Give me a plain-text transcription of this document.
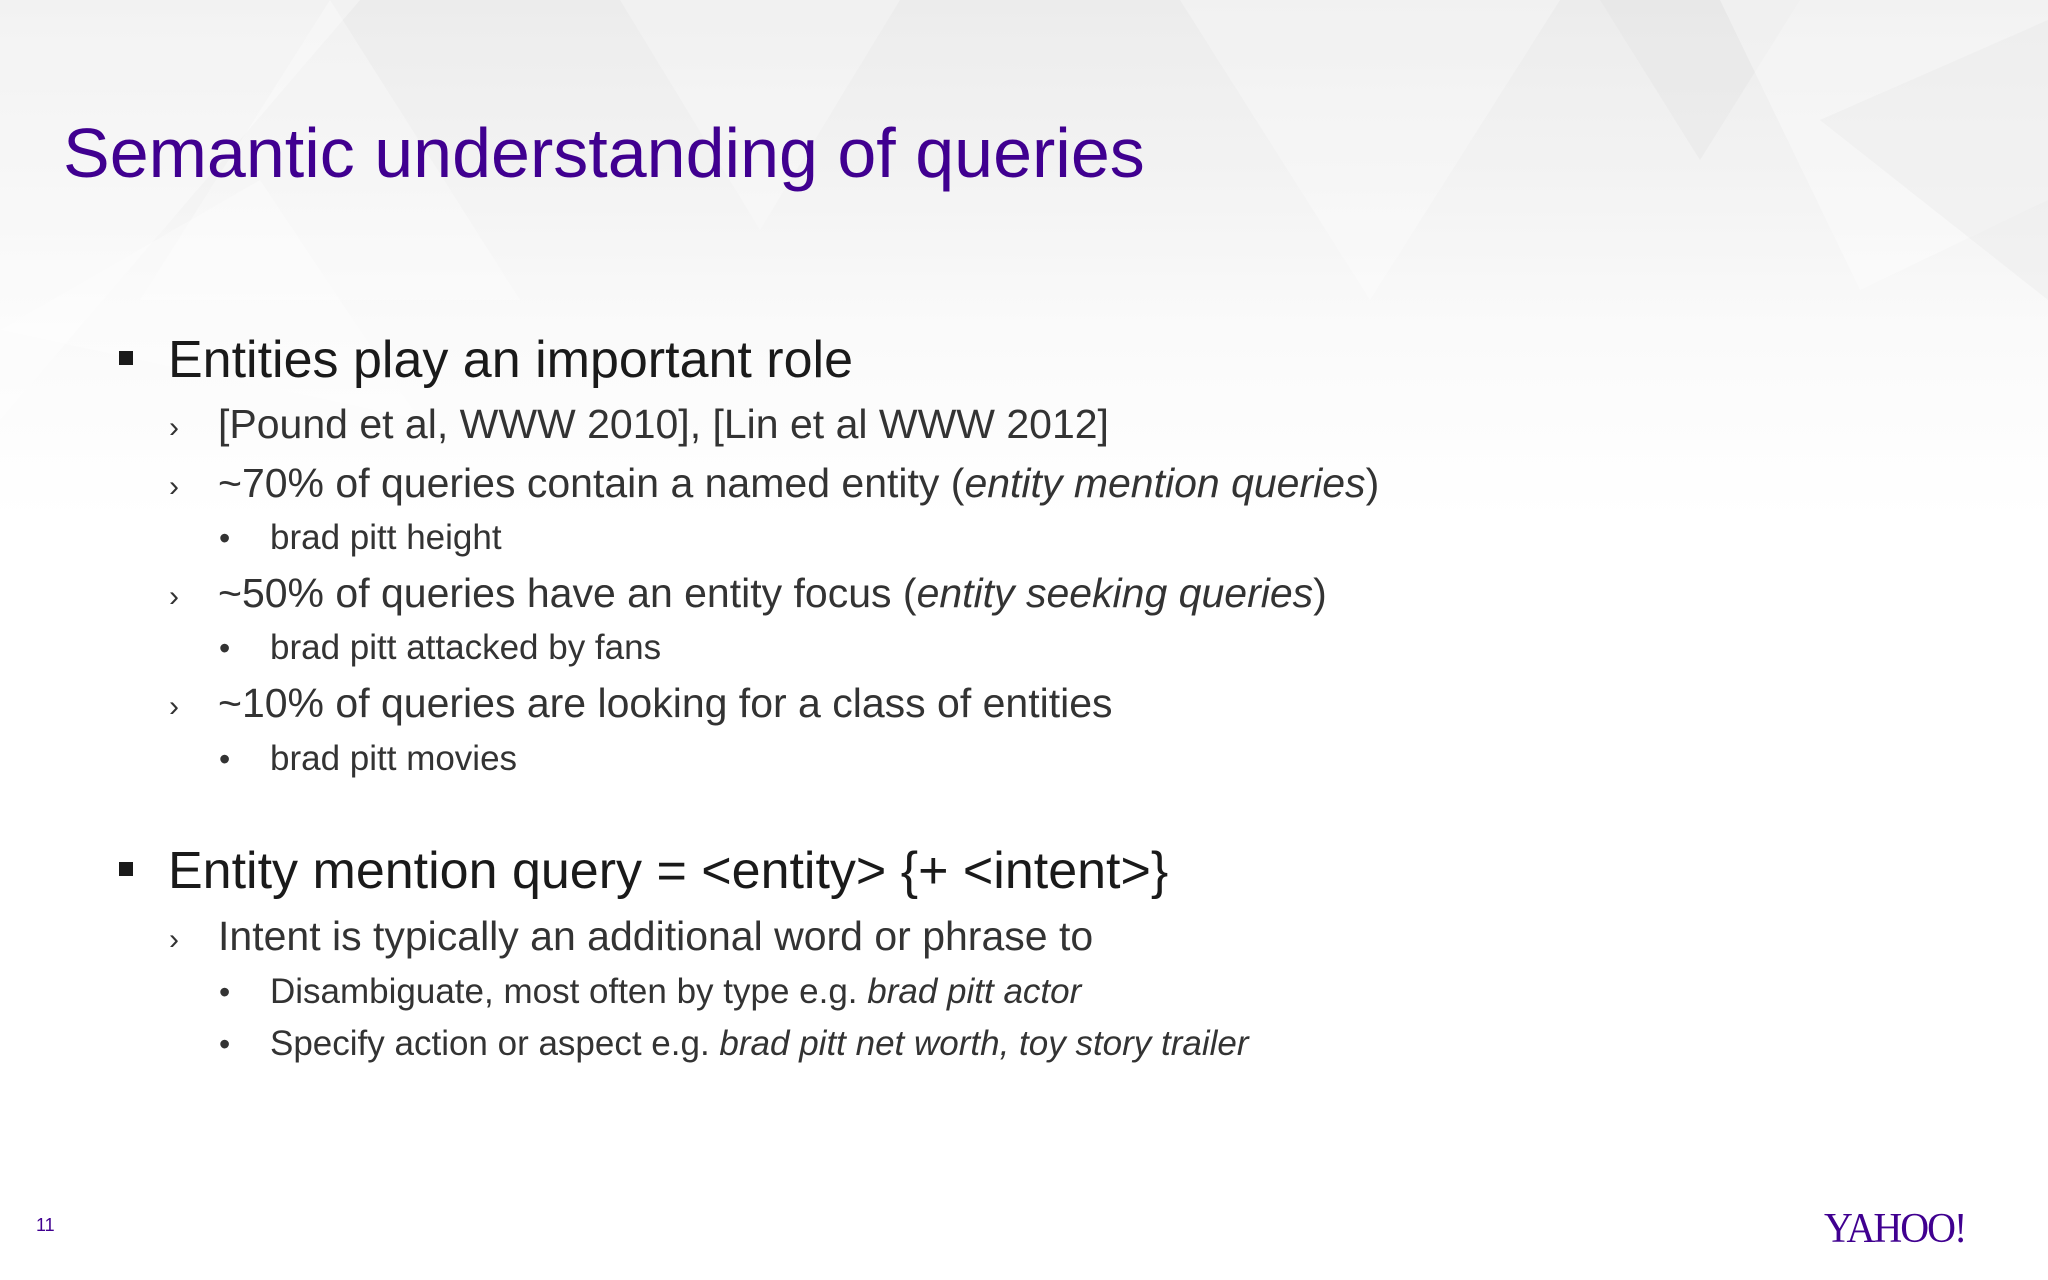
Semantic understanding of queries
Entities play an important role
› [Pound et al, WWW 2010], [Lin et al WWW 2012]
› ~70% of queries contain a named entity (entity mention queries)
• brad pitt height
› ~50% of queries have an entity focus (entity seeking queries)
• brad pitt attacked by fans
› ~10% of queries are looking for a class of entities
• brad pitt movies
Entity mention query = <entity> {+ <intent>}
› Intent is typically an additional word or phrase to
• Disambiguate, most often by type e.g. brad pitt actor
• Specify action or aspect e.g. brad pitt net worth, toy story trailer
11	YAHOO!
